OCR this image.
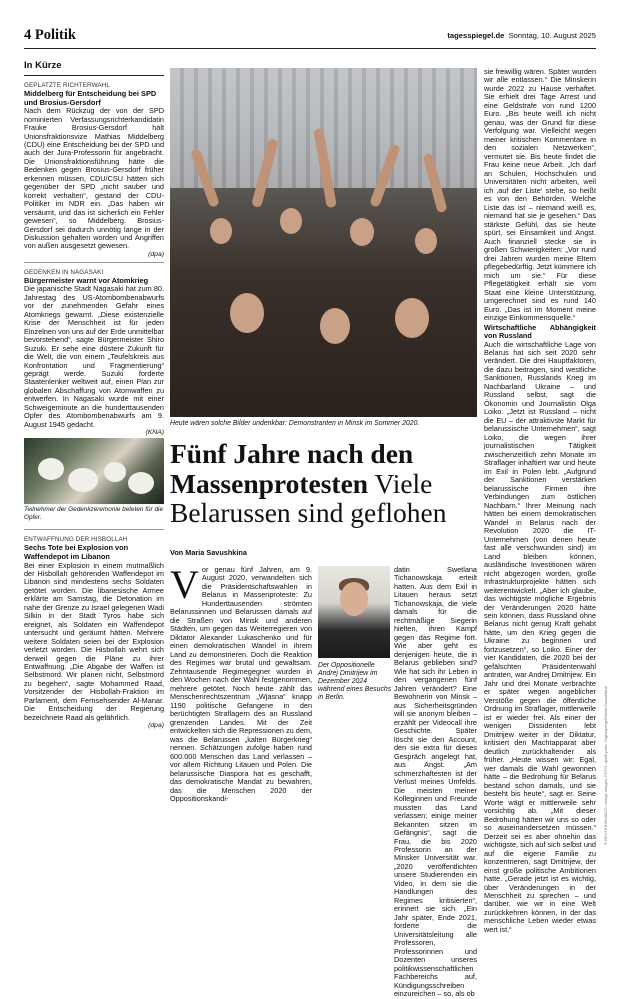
4 Politik	tagesspiegel.de Sonntag, 10. August 2025
In Kürze
GEPLATZTE RICHTERWAHL
Middelberg für Entscheidung bei SPD und Brosius-Gersdorf
Nach dem Rückzug der von der SPD nominierten Verfassungsrichterkandidatin Frauke Brosius-Gersdorf hält Unionsfraktionsvize Mathias Middelberg (CDU) eine Entscheidung bei der SPD und auch der Jura-Professorin für angebracht. Die Unionsfraktionsführung hätte die Bedenken gegen Brosius-Gersdorf früher erkennen müssen, CDU/CSU hätten sich gegenüber der SPD „nicht sauber und korrekt verhalten“, gestand der CDU-Politiker im NDR ein. „Das haben wir versäumt, und das ist sicherlich ein Fehler gewesen“, so Middelberg. Brosius-Gersdorf sei dadurch unnötig lange in der Diskussion gehalten worden und Angriffen von außen ausgesetzt gewesen.
(dpa)
GEDENKEN IN NAGASAKI
Bürgermeister warnt vor Atomkrieg
Die japanische Stadt Nagasaki hat zum 80. Jahrestag des US-Atombombenabwurfs vor der zunehmenden Gefahr eines Atomkriegs gewarnt. „Diese existenzielle Krise der Menschheit ist für jeden Einzelnen von uns auf der Erde unmittelbar bevorstehend“, sagte Bürgermeister Shiro Suzuki. Er sehe eine düstere Zukunft für die Welt, die von einem „Teufelskreis aus Konfrontation und Fragmentierung“ geprägt werde. Suzuki forderte Staatenlenker weltweit auf, einen Plan zur globalen Abschaffung von Atomwaffen zu entwerfen. In Nagasaki wurde mit einer Schweigeminute an die hunderttausenden Opfer des Atombombenabwurfs am 9. August 1945 gedacht.
(KNA)
Teilnehmer der Gedenkzeremonie beteten für die Opfer.
ENTWAFFNUNG DER HISBOLLAH
Sechs Tote bei Explosion von Waffendepot im Libanon
Bei einer Explosion in einem mutmaßlich der Hisbollah gehörenden Waffendepot im Libanon sind mindestens sechs Soldaten getötet worden. Die libanesische Armee erklärte am Samstag, die Detonation im nahe der Grenze zu Israel gelegenen Wadi Silkin in der Stadt Tyros habe sich ereignet, als Soldaten ein Waffendepot untersucht und geräumt hätten. Mehrere weitere Soldaten seien bei der Explosion verletzt worden. Die Hisbollah wehrt sich derweil gegen die Pläne zu ihrer Entwaffnung. „Die Abgabe der Waffen ist Selbstmord. Wir planen nicht, Selbstmord zu begehen“, sagte Mohammed Raad, Vorsitzender der Hisbollah-Fraktion im Parlament, dem Fernsehsender Al-Manar. Die Entscheidung der Regierung bezeichnete Raad als gefährlich.
(dpa)
Heute wären solche Bilder undenkbar: Demonstranten in Minsk im Sommer 2020.
Fünf Jahre nach den Massenprotesten Viele Belarussen sind geflohen
Von Maria Savushkina
Vor genau fünf Jahren, am 9. August 2020, verwandelten sich die Präsidentschaftswahlen in Belarus in Massenproteste: Zu Hunderttausenden strömten Belarussinnen und Belarussen damals auf die Straßen von Minsk und anderen Städten, um gegen das Weiterregieren von Diktator Alexander Lukaschenko und für einen demokratischen Wandel in ihrem Land zu demonstrieren. Doch die Reaktion des Regimes war brutal und gewaltsam. Zehntausende Regimegegner wurden in den Wochen nach der Wahl festgenommen, mehrere getötet. Noch heute zählt das Menschenrechtszentrum „Wjasna“ knapp 1190 politische Gefangene in den berüchtigten Straflagern des an Russland grenzenden Landes. Mit der Zeit entwickelten sich die Repressionen zu dem, was die Belarussen „kalten Bürgerkrieg“ nennen. Schätzungen zufolge haben rund 600.000 Menschen das Land verlassen – vor allem Richtung Litauen und Polen. Die belarussische Diaspora hat es geschafft, das demokratische Mandat zu bewahren, das die Menschen 2020 der Oppositionskandi-
Der Oppositionelle Andrej Dmitrijew im Dezember 2024 während eines Besuchs in Berlin.
datin Swetlana Tichanowskaja erteilt hatten. Aus dem Exil in Litauen heraus setzt Tichanowskaja, die viele damals für die rechtmäßige Siegerin hielten, ihren Kampf gegen das Regime fort. Wie aber geht es denjenigen heute, die in Belarus geblieben sind? Wie hat sich ihr Leben in den vergangenen fünf Jahren verändert? Eine Bewohnerin von Minsk – aus Sicherheitsgründen will sie anonym bleiben – erzählt per Videocall ihre Geschichte. Später löscht sie den Account, den sie extra für dieses Gespräch angelegt hat, aus Angst. „Am schmerzhaftesten ist der Verlust meines Umfelds. Die meisten meiner Kolleginnen und Freunde mussten das Land verlassen; einige meiner Bekannten sitzen im Gefängnis“, sagt die Frau, die bis 2020 Professorin an der Minsker Universität war. „2020 veröffentlichten unsere Studierenden ein Video, in dem sie die Handlungen des Regimes kritisierten“, erinnert sie sich. „Ein Jahr später, Ende 2021, forderte die Universitätsleitung alle Professoren, Professorinnen und Dozenten unseres politikwissenschaftlichen Fachbereichs auf, Kündigungsschreiben einzureichen – so, als ob
sie freiwillig wären. Später wurden wir alle entlassen.“ Die Minskerin wurde 2022 zu Hause verhaftet. Sie erhielt drei Tage Arrest und eine Geldstrafe von rund 1200 Euro. „Bis heute weiß ich nicht genau, was der Grund für diese Verfolgung war. Vielleicht wegen meiner kritischen Kommentare in den sozialen Netzwerken“, vermutet sie. Bis heute findet die Frau keine neue Arbeit. „Ich darf an Schulen, Hochschulen und Universitäten nicht arbeiten, weil ich ‚auf der Liste‘ stehe, so heißt es von den Behörden. Welche Liste das ist – niemand weiß es, niemand hat sie je gesehen.“ Das stärkste Gefühl, das sie heute spürt, sei Einsamkeit und Angst. Auch finanziell stecke sie in großen Schwierigkeiten: „Vor rund drei Jahren wurden meine Eltern pflegebedürftig. Jetzt kümmere ich mich um sie.“ Für diese Pflegetätigkeit erhält sie vom Staat eine kleine Unterstützung, umgerechnet sind es rund 140 Euro. „Das ist im Moment meine einzige Einkommensquelle.“
Wirtschaftliche Abhängigkeit von Russland
Auch die wirtschaftliche Lage von Belarus hat sich seit 2020 sehr verändert. Die drei Hauptfaktoren, die dazu beitragen, sind westliche Sanktionen, Russlands Krieg im Nachbarland Ukraine – und Russland selbst, sagt die Ökonomin und Journalistin Olga Loiko. „Jetzt ist Russland – nicht die EU – der attraktivste Markt für belarussische Unternehmen“, sagt Loiko, die wegen ihrer journalistischen Tätigkeit zwischenzeitlich zehn Monate im Straflager inhaftiert war und heute im Exil in Polen lebt. „Aufgrund der Sanktionen verstärken belarussische Firmen ihre Verbindungen zum östlichen Nachbarn.“ Ihrer Meinung nach hätten bei einem demokratischen Wandel in Belarus nach der Revolution 2020 die IT-Unternehmen (von denen heute fast alle verschwunden sind) im Land bleiben können, ausländische Investitionen wären nicht abgezogen worden, große Infrastrukturprojekte hätten sich weiterentwickelt. „Aber ich glaube, das wichtigste mögliche Ergebnis der Veränderungen 2020 hätte sein können, dass Russland ohne Belarus nicht genug Kraft gehabt hätte, um den Krieg gegen die Ukraine zu beginnen und fortzusetzen“, so Loiko. Einer der vier Kandidaten, die 2020 bei der gefälschten Präsidentenwahl antraten, war Andrej Dmitrijew. Ein Jahr und drei Monate verbrachte er später wegen angeblicher Verstöße gegen die öffentliche Ordnung im Straflager, mittlerweile ist er wieder frei. Als einer der wenigen Dissidenten lebt Dmitrijew weiter in der Diktatur, kritisiert den Machtapparat aber deutlich zurückhaltender als früher. „Heute wissen wir: Egal, wer damals die Wahl gewonnen hätte – die Bedrohung für Belarus bestand schon damals, und sie besteht bis heute“, sagt er. Seine Worte wägt er mittlerweile sehr vorsichtig ab. „Mit dieser Bedrohung hätten wir uns so oder so auseinandersetzen müssen.“ Derzeit sei es aber ohnehin das wichtigste, sich auf sich selbst und auf die eigene Familie zu konzentrieren, sagt Dmitrijew, der einst große politische Ambitionen hatte. „Gerade jetzt ist es wichtig, über Veränderungen in der Menschheit zu sprechen – und darüber, wie wir in eine Welt zurückkehren können, in der das menschliche Leben wieder etwas wert ist.“
© REUTERS/IMAGO / imago images; FOTO: dpa/Kyodo; Tagesspiegel/Maria Savushkina
